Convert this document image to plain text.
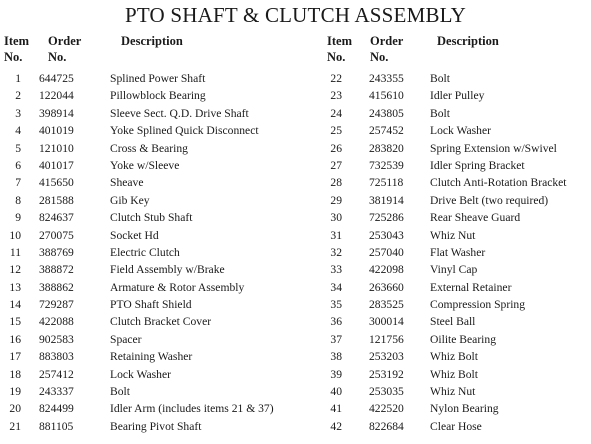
PTO SHAFT & CLUTCH ASSEMBLY
Item
No.
Order
No.
Description
1 644725	Splined Power Shaft
2 122044	Pillowblock Bearing
3 398914	Sleeve Sect. Q.D. Drive Shaft
4 401019	Yoke Splined Quick Disconnect
5 121010	Cross & Bearing
6 401017	Yoke w/Sleeve
7 415650	Sheave
8 281588	Gib Key
9 824637	Clutch Stub Shaft
10 270075	Socket Hd
11 388769	Electric Clutch
12 388872	Field Assembly w/Brake
13 388862	Armature & Rotor Assembly
14 729287	PTO Shaft Shield
15 422088	Clutch Bracket Cover
16 902583	Spacer
17 883803	Retaining Washer
18 257412	Lock Washer
19 243337	Bolt
20 824499	Idler Arm (includes items 21 & 37)
21 881105	Bearing Pivot Shaft
Item
No.
Order
No.
Description
22 243355 Bolt
23 415610 Idler Pulley
24 243805 Bolt
25 257452 Lock Washer
26 283820 Spring Extension w/Swivel
27 732539 Idler Spring Bracket
28 725118 Clutch Anti-Rotation Bracket
29 381914 Drive Belt (two required)
30 725286 Rear Sheave Guard
31 253043 Whiz Nut
32 257040 Flat Washer
33 422098 Vinyl Cap
34 263660 External Retainer
35 283525 Compression Spring
36 300014 Steel Ball
37 121756 Oilite Bearing
38 253203 Whiz Bolt
39 253192 Whiz Bolt
40 253035 Whiz Nut
41 422520 Nylon Bearing
42 822684 Clear Hose
